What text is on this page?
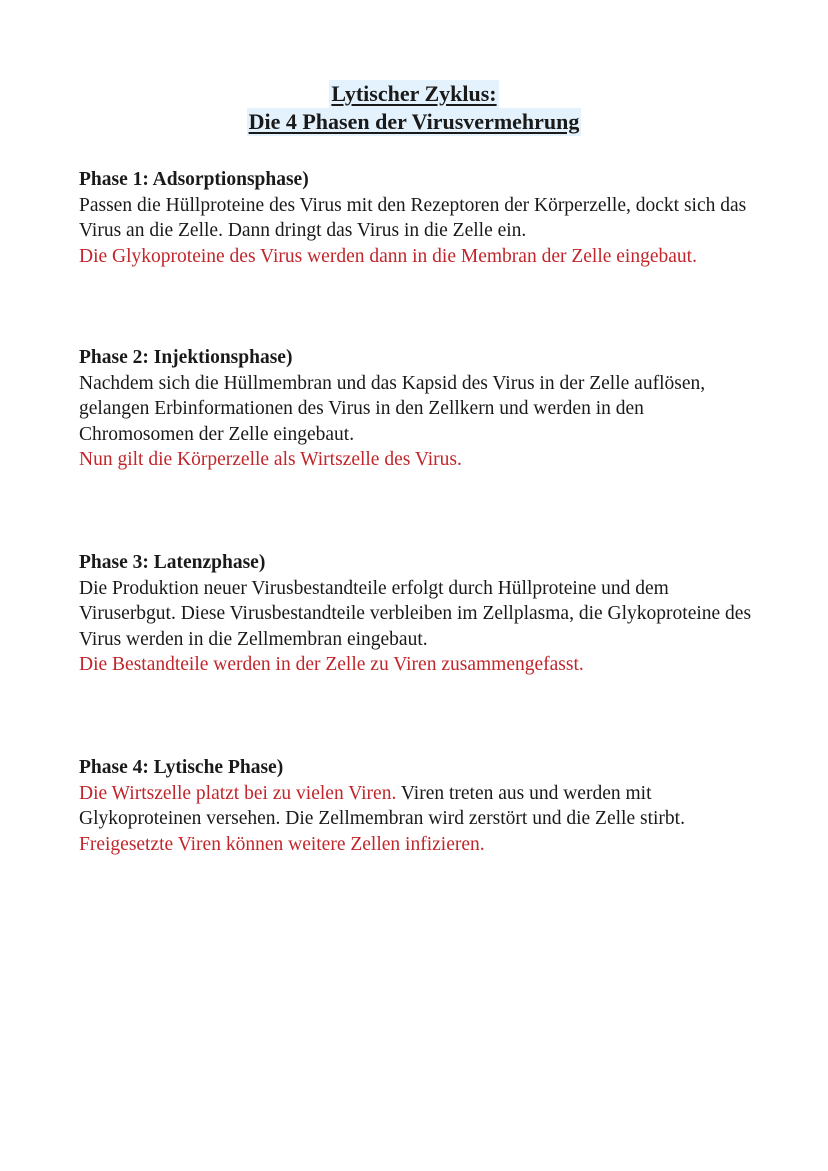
Lytischer Zyklus:
Die 4 Phasen der Virusvermehrung
Phase 1: Adsorptionsphase)

Passen die Hüllproteine des Virus mit den Rezeptoren der Körperzelle, dockt sich das Virus an die Zelle. Dann dringt das Virus in die Zelle ein.
Die Glykoproteine des Virus werden dann in die Membran der Zelle eingebaut.

Phase 2: Injektionsphase)

Nachdem sich die Hüllmembran und das Kapsid des Virus in der Zelle auflösen, gelangen Erbinformationen des Virus in den Zellkern und werden in den Chromosomen der Zelle eingebaut.
Nun gilt die Körperzelle als Wirtszelle des Virus.

Phase 3: Latenzphase)

Die Produktion neuer Virusbestandteile erfolgt durch Hüllproteine und dem Viruserbgut. Diese Virusbestandteile verbleiben im Zellplasma, die Glykoproteine des Virus werden in die Zellmembran eingebaut.
Die Bestandteile werden in der Zelle zu Viren zusammengefasst.

Phase 4: Lytische Phase)

Die Wirtszelle platzt bei zu vielen Viren. Viren treten aus und werden mit Glykoproteinen versehen. Die Zellmembran wird zerstört und die Zelle stirbt. Freigesetzte Viren können weitere Zellen infizieren.
